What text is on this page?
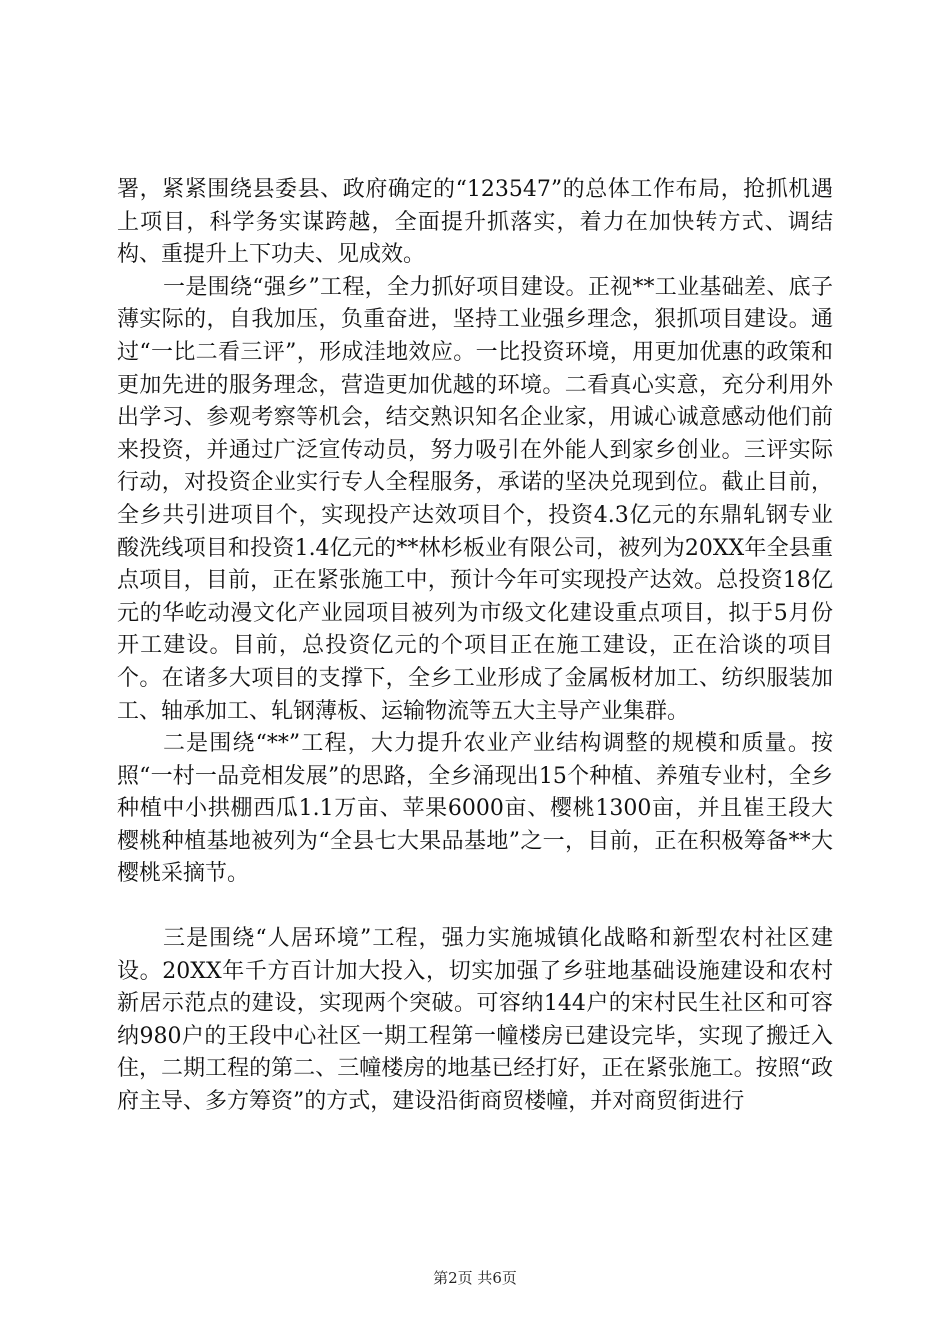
署，紧紧围绕县委县、政府确定的“123547”的总体工作布局，抢抓机遇上项目，科学务实谋跨越，全面提升抓落实，着力在加快转方式、调结构、重提升上下功夫、见成效。

一是围绕“强乡”工程，全力抓好项目建设。正视**工业基础差、底子薄实际的，自我加压，负重奋进，坚持工业强乡理念，狠抓项目建设。通过“一比二看三评”，形成洼地效应。一比投资环境，用更加优惠的政策和更加先进的服务理念，营造更加优越的环境。二看真心实意，充分利用外出学习、参观考察等机会，结交熟识知名企业家，用诚心诚意感动他们前来投资，并通过广泛宣传动员，努力吸引在外能人到家乡创业。三评实际行动，对投资企业实行专人全程服务，承诺的坚决兑现到位。截止目前，全乡共引进项目个，实现投产达效项目个，投资4.3亿元的东鼎轧钢专业酸洗线项目和投资1.4亿元的**林杉板业有限公司，被列为20XX年全县重点项目，目前，正在紧张施工中，预计今年可实现投产达效。总投资18亿元的华屹动漫文化产业园项目被列为市级文化建设重点项目，拟于5月份开工建设。目前，总投资亿元的个项目正在施工建设，正在洽谈的项目个。在诸多大项目的支撑下，全乡工业形成了金属板材加工、纺织服装加工、轴承加工、轧钢薄板、运输物流等五大主导产业集群。

二是围绕“**”工程，大力提升农业产业结构调整的规模和质量。按照“一村一品竞相发展”的思路，全乡涌现出15个种植、养殖专业村，全乡种植中小拱棚西瓜1.1万亩、苹果6000亩、樱桃1300亩，并且崔王段大樱桃种植基地被列为“全县七大果品基地”之一，目前，正在积极筹备**大樱桃采摘节。

三是围绕“人居环境”工程，强力实施城镇化战略和新型农村社区建设。20XX年千方百计加大投入，切实加强了乡驻地基础设施建设和农村新居示范点的建设，实现两个突破。可容纳144户的宋村民生社区和可容纳980户的王段中心社区一期工程第一幢楼房已建设完毕，实现了搬迁入住，二期工程的第二、三幢楼房的地基已经打好，正在紧张施工。按照“政府主导、多方筹资”的方式，建设沿街商贸楼幢，并对商贸街进行

第2页 共6页
